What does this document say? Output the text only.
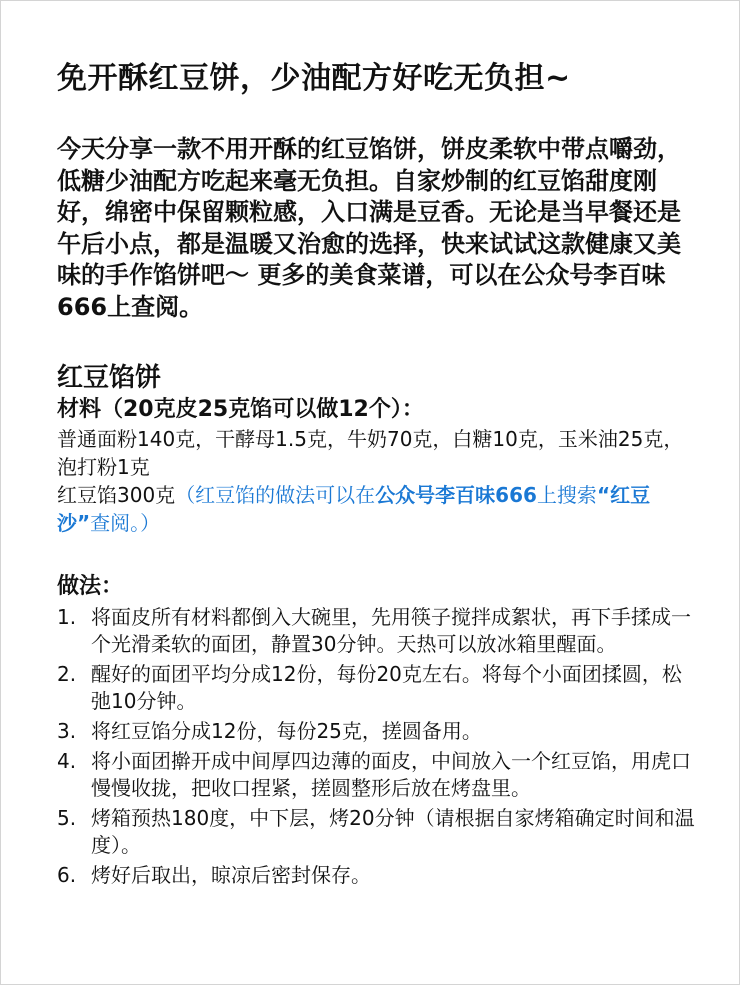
免开酥红豆饼，少油配方好吃无负担~
今天分享一款不用开酥的红豆馅饼，饼皮柔软中带点嚼劲，低糖少油配方吃起来毫无负担。自家炒制的红豆馅甜度刚好，绵密中保留颗粒感，入口满是豆香。无论是当早餐还是午后小点，都是温暖又治愈的选择，快来试试这款健康又美味的手作馅饼吧～ 更多的美食菜谱，可以在公众号李百味666上查阅。
红豆馅饼
材料（20克皮25克馅可以做12个）：
普通面粉140克，干酵母1.5克，牛奶70克，白糖10克，玉米油25克，泡打粉1克
红豆馅300克（红豆馅的做法可以在公众号李百味666上搜索“红豆沙”查阅。）
做法：
1. 将面皮所有材料都倒入大碗里，先用筷子搅拌成絮状，再下手揉成一个光滑柔软的面团，静置30分钟。天热可以放冰箱里醒面。
2. 醒好的面团平均分成12份，每份20克左右。将每个小面团揉圆，松弛10分钟。
3. 将红豆馅分成12份，每份25克，搓圆备用。
4. 将小面团擀开成中间厚四边薄的面皮，中间放入一个红豆馅，用虎口慢慢收拢，把收口捏紧，搓圆整形后放在烤盘里。
5. 烤箱预热180度，中下层，烤20分钟（请根据自家烤箱确定时间和温度）。
6. 烤好后取出，晾凉后密封保存。
